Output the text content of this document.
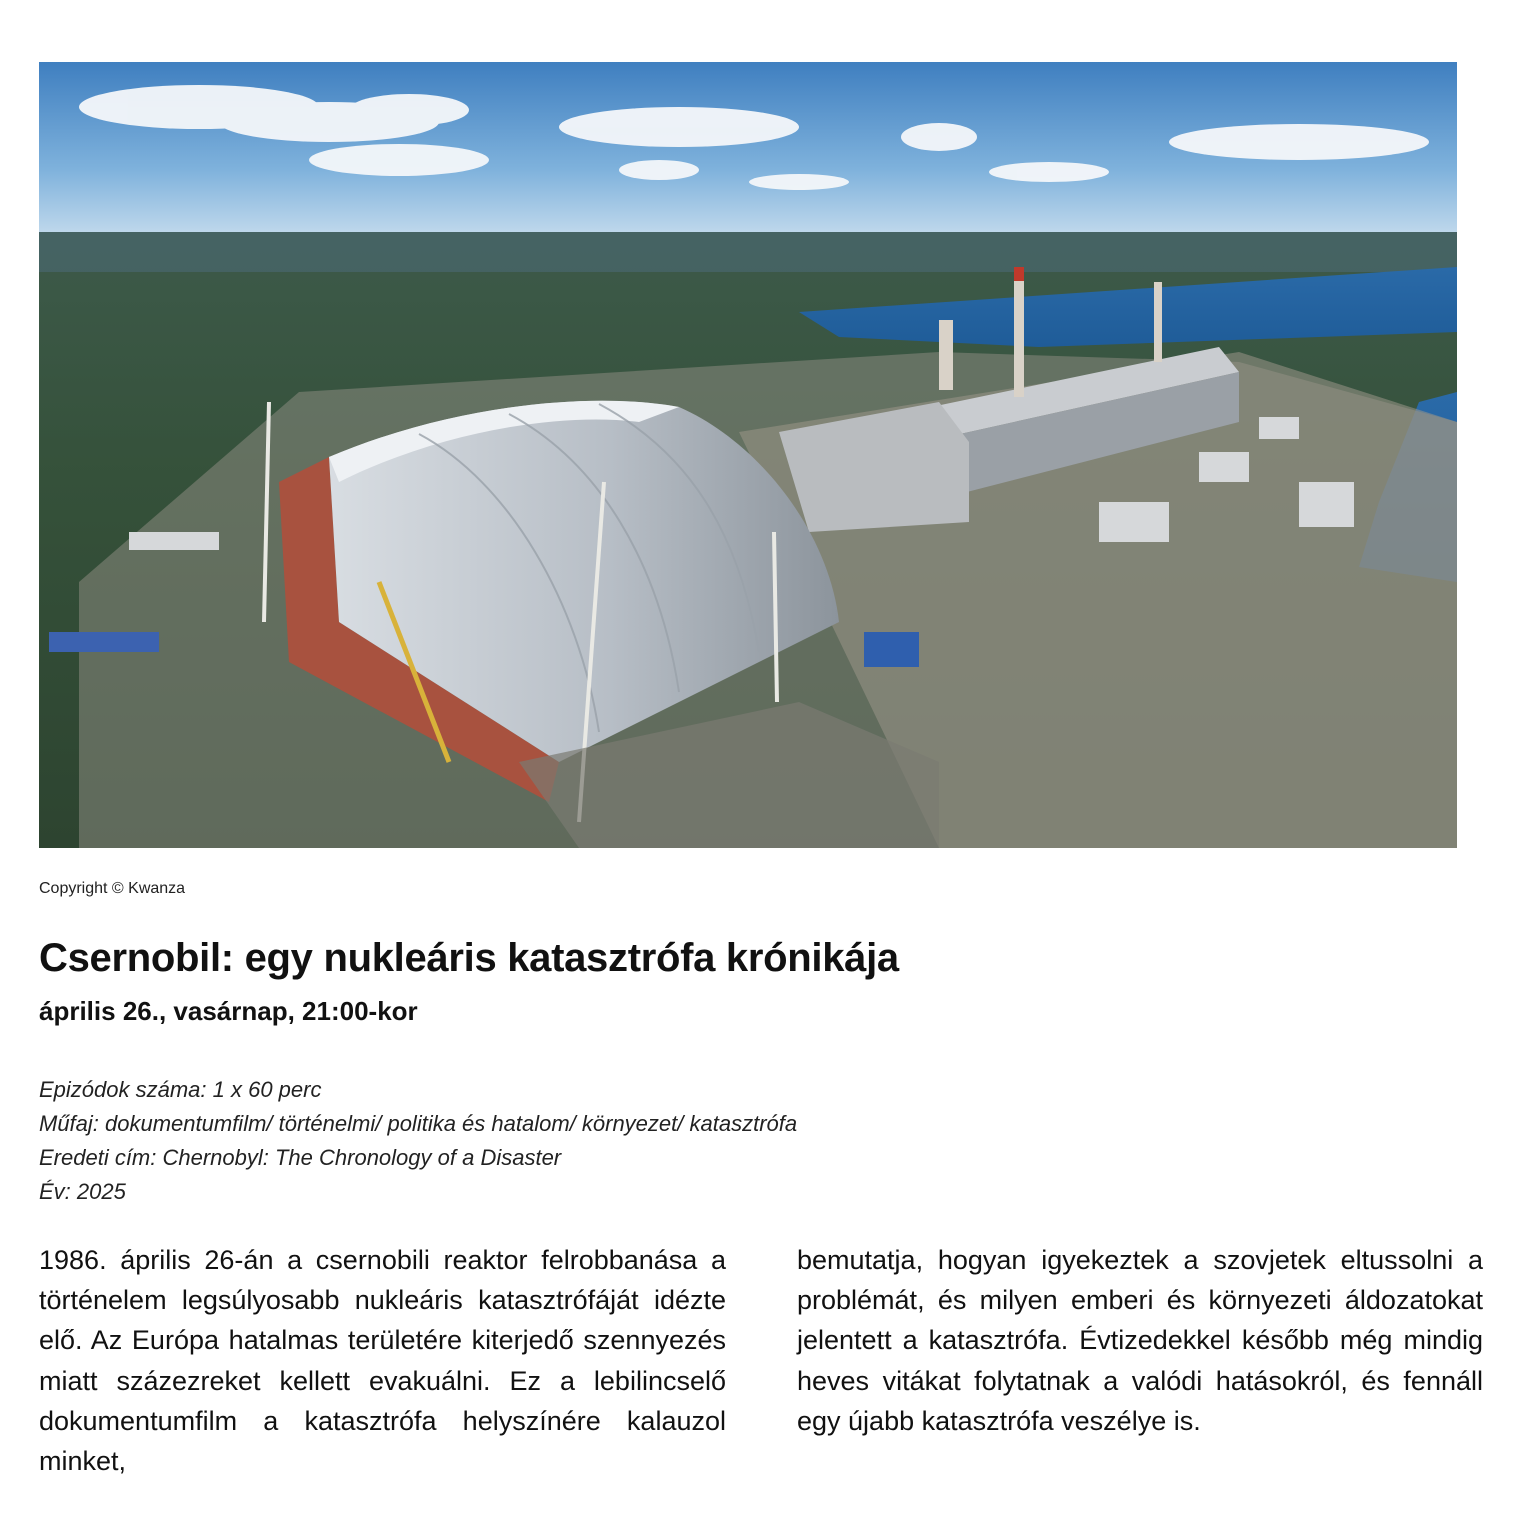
Copyright © Kwanza
Csernobil: egy nukleáris katasztrófa krónikája
április 26., vasárnap, 21:00-kor
Epizódok száma: 1 x 60 perc
Műfaj: dokumentumfilm/ történelmi/ politika és hatalom/ környezet/ katasztrófa
Eredeti cím: Chernobyl: The Chronology of a Disaster
Év: 2025
1986. április 26-án a csernobili reaktor felrobbanása a történelem legsúlyosabb nukleáris katasztrófáját idézte elő. Az Európa hatalmas területére kiterjedő szennyezés miatt százezreket kellett evakuálni. Ez a lebilincselő dokumentumfilm a katasztrófa helyszínére kalauzol minket,
bemutatja, hogyan igyekeztek a szovjetek eltussolni a problémát, és milyen emberi és környezeti áldozatokat jelentett a katasztrófa. Évtizedekkel később még mindig heves vitákat folytatnak a valódi hatásokról, és fennáll egy újabb katasztrófa veszélye is.
